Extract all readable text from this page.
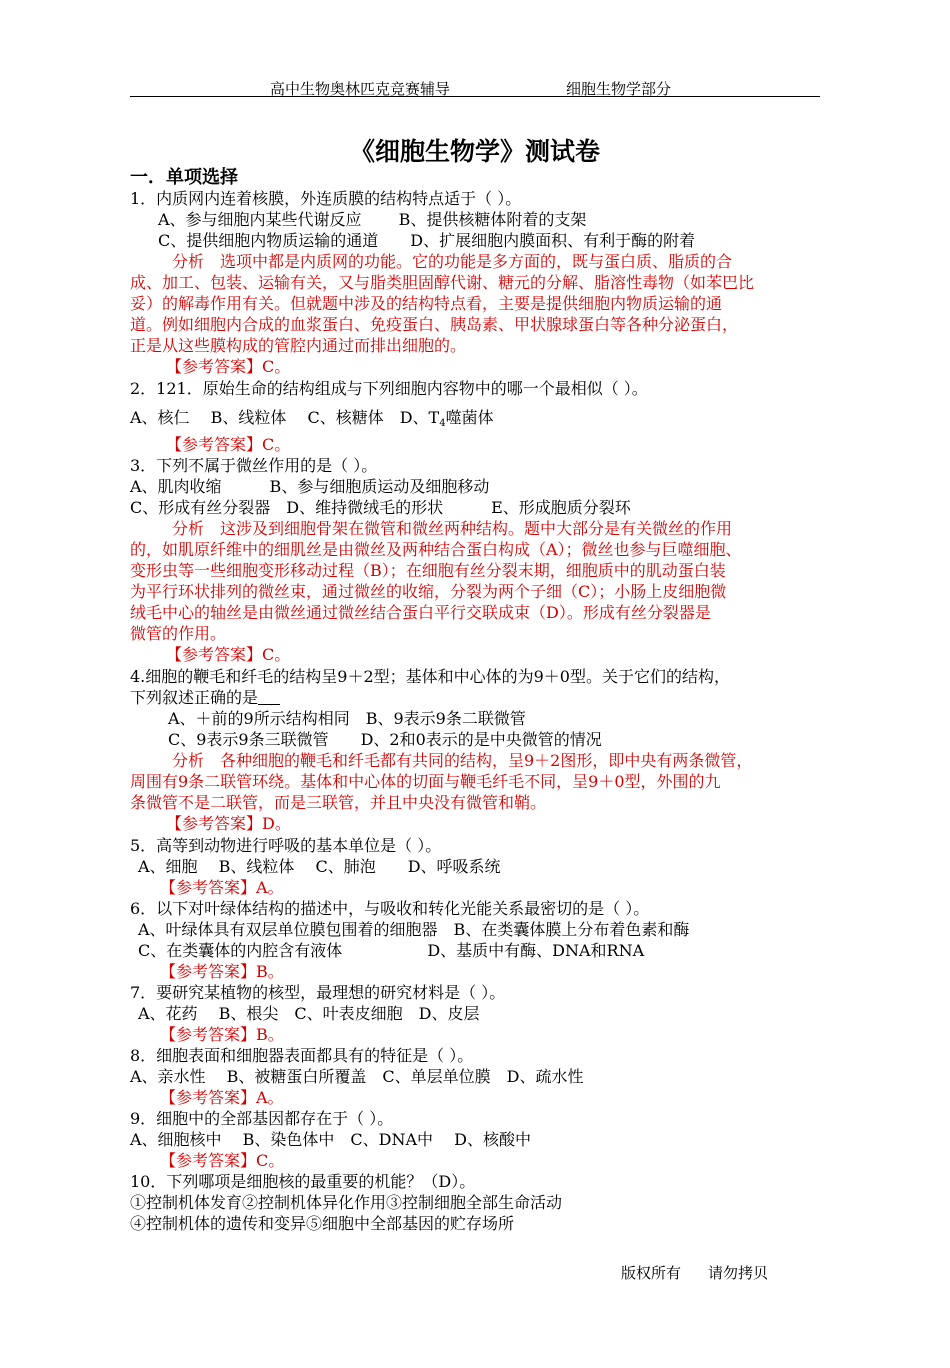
高中生物奥林匹克竞赛辅导	细胞生物学部分
《细胞生物学》测试卷
一．单项选择
1．内质网内连着核膜，外连质膜的结构特点适于（ ）。
A、参与细胞内某些代谢反应　　 B、提供核糖体附着的支架
C、提供细胞内物质运输的通道　　D、扩展细胞内膜面积、有利于酶的附着
分析　选项中都是内质网的功能。它的功能是多方面的，既与蛋白质、脂质的合
成、加工、包装、运输有关，又与脂类胆固醇代谢、糖元的分解、脂溶性毒物（如苯巴比
妥）的解毒作用有关。但就题中涉及的结构特点看，主要是提供细胞内物质运输的通
道。例如细胞内合成的血浆蛋白、免疫蛋白、胰岛素、甲状腺球蛋白等各种分泌蛋白，
正是从这些膜构成的管腔内通过而排出细胞的。
【参考答案】C。
2．121．原始生命的结构组成与下列细胞内容物中的哪一个最相似（ ）。
A、核仁　 B、线粒体　 C、核糖体　D、$T_4$噬菌体
【参考答案】C。
3．下列不属于微丝作用的是（ ）。
A、肌肉收缩　　　B、参与细胞质运动及细胞移动
C、形成有丝分裂器　D、维持微绒毛的形状　　　E、形成胞质分裂环
分析　这涉及到细胞骨架在微管和微丝两种结构。题中大部分是有关微丝的作用
的，如肌原纤维中的细肌丝是由微丝及两种结合蛋白构成（A）；微丝也参与巨噬细胞、
变形虫等一些细胞变形移动过程（B）；在细胞有丝分裂末期，细胞质中的肌动蛋白装
为平行环状排列的微丝束，通过微丝的收缩，分裂为两个子细（C）；小肠上皮细胞微
绒毛中心的轴丝是由微丝通过微丝结合蛋白平行交联成束（D）。形成有丝分裂器是
微管的作用。
【参考答案】C。
4.细胞的鞭毛和纤毛的结构呈9＋2型；基体和中心体的为9＋0型。关于它们的结构，
下列叙述正确的是
A、＋前的9所示结构相同　B、9表示9条二联微管
C、9表示9条三联微管　　D、2和0表示的是中央微管的情况
分析　各种细胞的鞭毛和纤毛都有共同的结构，呈9＋2图形，即中央有两条微管，
周围有9条二联管环绕。基体和中心体的切面与鞭毛纤毛不同，呈9＋0型，外围的九
条微管不是二联管，而是三联管，并且中央没有微管和鞘。
【参考答案】D。
5．高等到动物进行呼吸的基本单位是（ ）。
A、细胞　 B、线粒体　 C、肺泡　　D、呼吸系统
【参考答案】A。
6．以下对叶绿体结构的描述中，与吸收和转化光能关系最密切的是（ ）。
A、叶绿体具有双层单位膜包围着的细胞器　B、在类囊体膜上分布着色素和酶
C、在类囊体的内腔含有液体　　　　　 D、基质中有酶、DNA和RNA
【参考答案】B。
7．要研究某植物的核型，最理想的研究材料是（ ）。
A、花药　 B、根尖　C、叶表皮细胞　D、皮层
【参考答案】B。
8．细胞表面和细胞器表面都具有的特征是（ ）。
A、亲水性　 B、被糖蛋白所覆盖　C、单层单位膜　D、疏水性
【参考答案】A。
9．细胞中的全部基因都存在于（ ）。
A、细胞核中　 B、染色体中　C、DNA中　 D、核酸中
【参考答案】C。
10．下列哪项是细胞核的最重要的机能？（D）。
①控制机体发育②控制机体异化作用③控制细胞全部生命活动
④控制机体的遗传和变异⑤细胞中全部基因的贮存场所
版权所有 请勿拷贝
